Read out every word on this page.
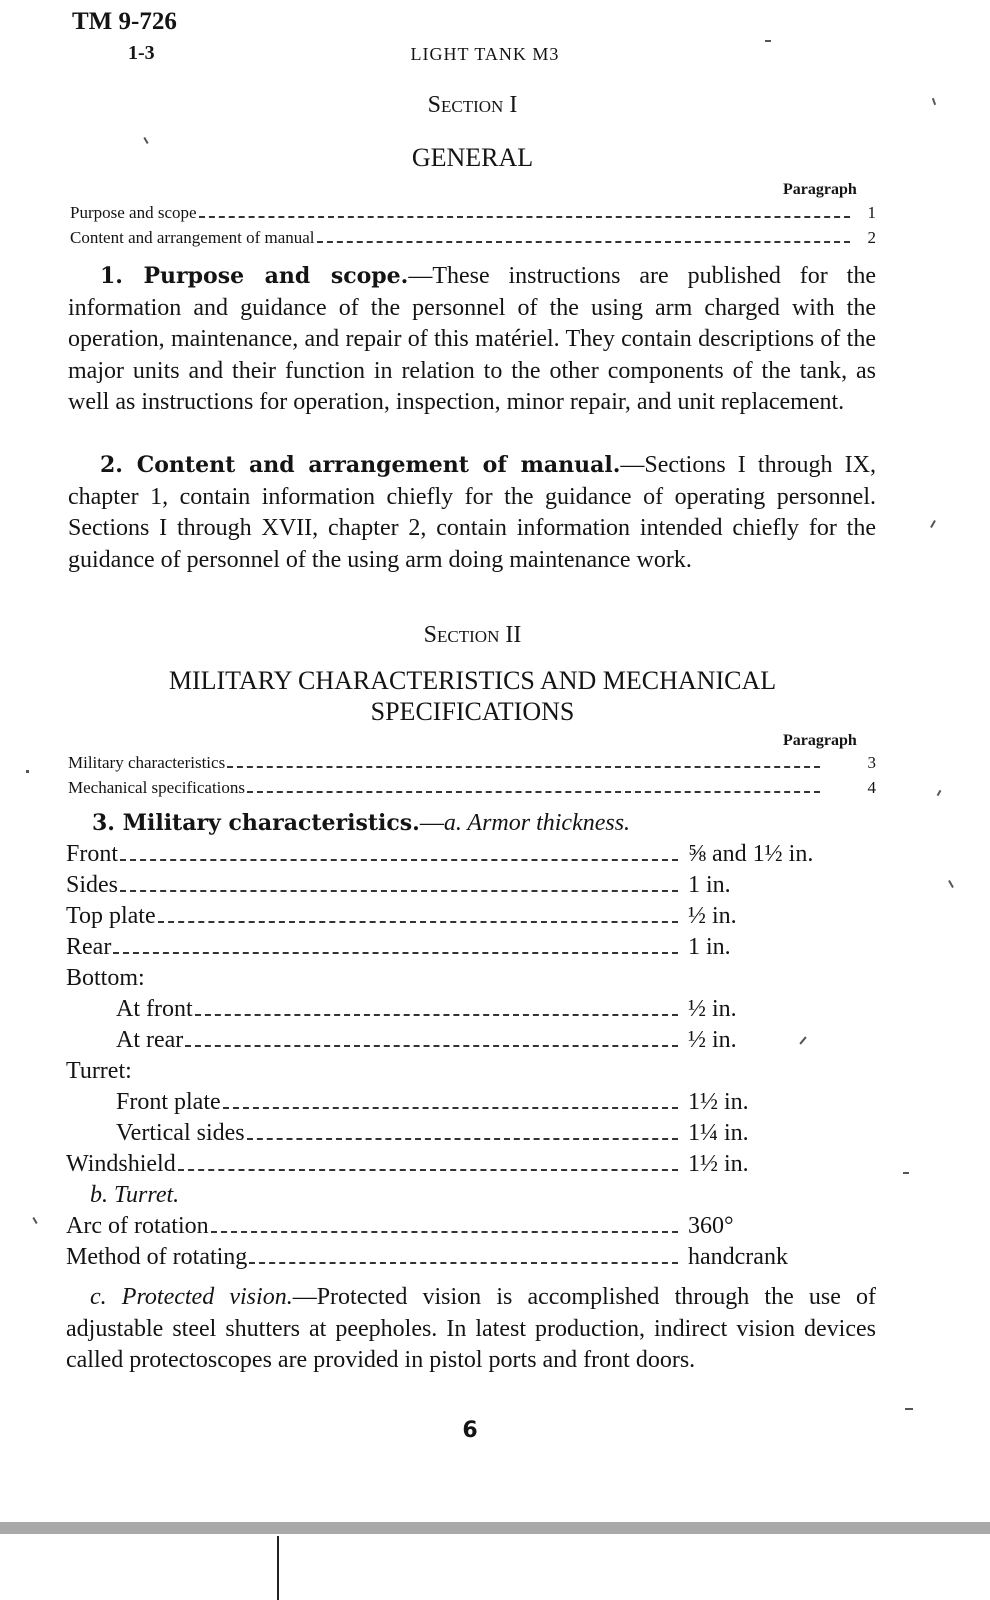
TM 9-726
1-3	LIGHT TANK M3
Section I
GENERAL
Paragraph
Purpose and scope	1
Content and arrangement of manual	2
1. Purpose and scope.—These instructions are published for the information and guidance of the personnel of the using arm charged with the operation, maintenance, and repair of this matériel. They contain descriptions of the major units and their function in relation to the other components of the tank, as well as instructions for operation, inspection, minor repair, and unit replacement.
2. Content and arrangement of manual.—Sections I through IX, chapter 1, contain information chiefly for the guidance of operating personnel. Sections I through XVII, chapter 2, contain information intended chiefly for the guidance of personnel of the using arm doing maintenance work.
Section II
MILITARY CHARACTERISTICS AND MECHANICAL
SPECIFICATIONS
Paragraph
Military characteristics	3
Mechanical specifications	4
3. Military characteristics.—a. Armor thickness.
Front	⅝ and 1½ in.
Sides	1 in.
Top plate	½ in.
Rear	1 in.
Bottom:
At front	½ in.
At rear	½ in.
Turret:
Front plate	1½ in.
Vertical sides	1¼ in.
Windshield	1½ in.
b. Turret.
Arc of rotation	360°
Method of rotating	handcrank
c. Protected vision.—Protected vision is accomplished through the use of adjustable steel shutters at peepholes. In latest production, indirect vision devices called protectoscopes are provided in pistol ports and front doors.
6
